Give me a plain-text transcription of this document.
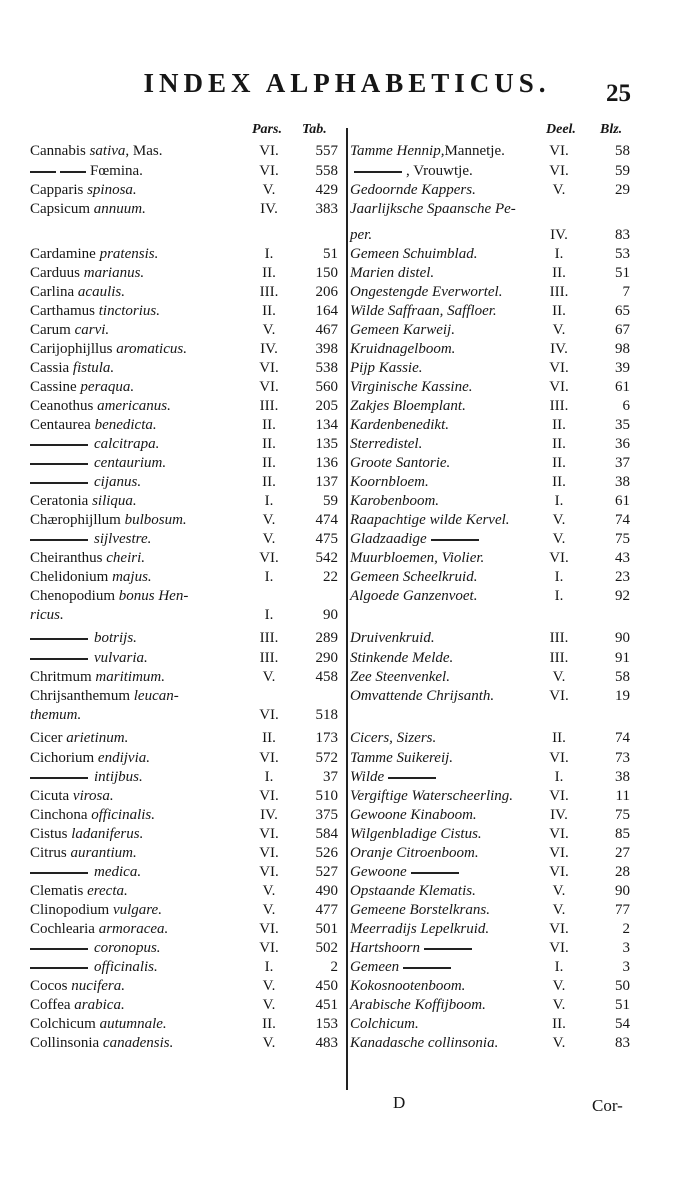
INDEX ALPHABETICUS.	25
Pars. Tab.	Deel. Blz.
Cannabis sativa, Mas.	VI.	557 Tamme Hennip,Mannetje.	VI.	58
Fœmina.	VI.	558	, Vrouwtje.	VI.	59
Capparis spinosa.	V.	429 Gedoornde Kappers.	V.	29
Capsicum annuum.	IV.	383 Jaarlijksche Spaansche Pe-
per.	IV.	83
Cardamine pratensis.	I.	51 Gemeen Schuimblad.	I.	53
Carduus marianus.	II.	150 Marien distel.	II.	51
Carlina acaulis.	III.	206 Ongestengde Everwortel.	III.	7
Carthamus tinctorius.	II.	164 Wilde Saffraan, Saffloer.	II.	65
Carum carvi.	V.	467 Gemeen Karweij.	V.	67
Carijophijllus aromaticus.	IV.	398 Kruidnagelboom.	IV.	98
Cassia fistula.	VI.	538 Pijp Kassie.	VI.	39
Cassine peraqua.	VI.	560 Virginische Kassine.	VI.	61
Ceanothus americanus.	III.	205 Zakjes Bloemplant.	III.	6
Centaurea benedicta.	II.	134 Kardenbenedikt.	II.	35
calcitrapa.	II.	135 Sterredistel.	II.	36
centaurium.	II.	136 Groote Santorie.	II.	37
cijanus.	II.	137 Koornbloem.	II.	38
Ceratonia siliqua.	I.	59 Karobenboom.	I.	61
Chærophijllum bulbosum.	V.	474 Raapachtige wilde Kervel.	V.	74
sijlvestre.	V.	475 Gladzaadige	V.	75
Cheiranthus cheiri.	VI.	542 Muurbloemen, Violier.	VI.	43
Chelidonium majus.	I.	22 Gemeen Scheelkruid.	I.	23
Chenopodium bonus Hen-	Algoede Ganzenvoet.	I.	92
ricus.	I.	90
botrijs.	III.	289 Druivenkruid.	III.	90
vulvaria.	III.	290 Stinkende Melde.	III.	91
Chritmum maritimum.	V.	458 Zee Steenvenkel.	V.	58
Chrijsanthemum leucan-	Omvattende Chrijsanth.	VI.	19
themum.	VI.	518
Cicer arietinum.	II.	173 Cicers, Sizers.	II.	74
Cichorium endijvia.	VI.	572 Tamme Suikereij.	VI.	73
intijbus.	I.	37 Wilde	I.	38
Cicuta virosa.	VI.	510 Vergiftige Waterscheerling.	VI.	11
Cinchona officinalis.	IV.	375 Gewoone Kinaboom.	IV.	75
Cistus ladaniferus.	VI.	584 Wilgenbladige Cistus.	VI.	85
Citrus aurantium.	VI.	526 Oranje Citroenboom.	VI.	27
medica.	VI.	527 Gewoone	VI.	28
Clematis erecta.	V.	490 Opstaande Klematis.	V.	90
Clinopodium vulgare.	V.	477 Gemeene Borstelkrans.	V.	77
Cochlearia armoracea.	VI.	501 Meerradijs Lepelkruid.	VI.	2
coronopus.	VI.	502 Hartshoorn	VI.	3
officinalis.	I.	2 Gemeen	I.	3
Cocos nucifera.	V.	450 Kokosnootenboom.	V.	50
Coffea arabica.	V.	451 Arabische Koffijboom.	V.	51
Colchicum autumnale.	II.	153 Colchicum.	II.	54
Collinsonia canadensis.	V.	483 Kanadasche collinsonia.	V.	83
D	Cor-
